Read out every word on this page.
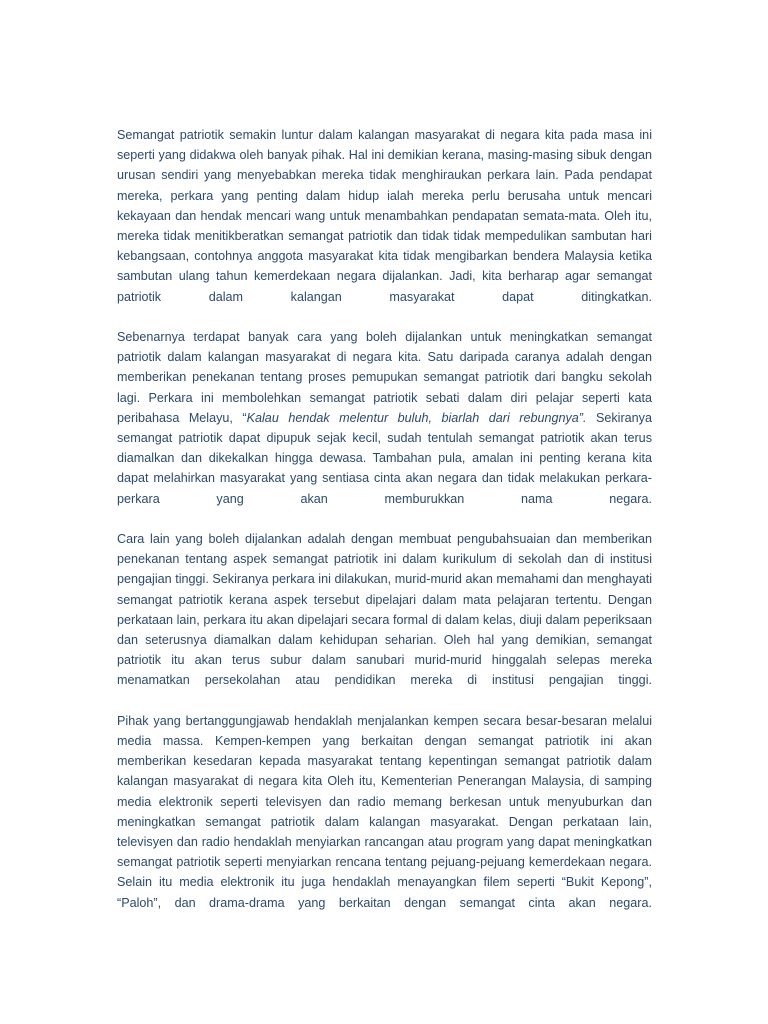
Semangat patriotik semakin luntur dalam kalangan masyarakat di negara kita pada masa ini seperti yang didakwa oleh banyak pihak. Hal ini demikian kerana, masing-masing sibuk dengan urusan sendiri yang menyebabkan mereka tidak menghiraukan perkara lain. Pada pendapat mereka, perkara yang penting dalam hidup ialah mereka perlu berusaha untuk mencari kekayaan dan hendak mencari wang untuk menambahkan pendapatan semata-mata. Oleh itu, mereka tidak menitikberatkan semangat patriotik dan tidak tidak mempedulikan sambutan hari kebangsaan, contohnya anggota masyarakat kita tidak mengibarkan bendera Malaysia ketika sambutan ulang tahun kemerdekaan negara dijalankan. Jadi, kita berharap agar semangat patriotik dalam kalangan masyarakat dapat ditingkatkan.

Sebenarnya terdapat banyak cara yang boleh dijalankan untuk meningkatkan semangat patriotik dalam kalangan masyarakat di negara kita. Satu daripada caranya adalah dengan memberikan penekanan tentang proses pemupukan semangat patriotik dari bangku sekolah lagi. Perkara ini membolehkan semangat patriotik sebati dalam diri pelajar seperti kata peribahasa Melayu, “Kalau hendak melentur buluh, biarlah dari rebungnya”. Sekiranya semangat patriotik dapat dipupuk sejak kecil, sudah tentulah semangat patriotik akan terus diamalkan dan dikekalkan hingga dewasa. Tambahan pula, amalan ini penting kerana kita dapat melahirkan masyarakat yang sentiasa cinta akan negara dan tidak melakukan perkara-perkara yang akan memburukkan nama negara.

Cara lain yang boleh dijalankan adalah dengan membuat pengubahsuaian dan memberikan penekanan tentang aspek semangat patriotik ini dalam kurikulum di sekolah dan di institusi pengajian tinggi. Sekiranya perkara ini dilakukan, murid-murid akan memahami dan menghayati semangat patriotik kerana aspek tersebut dipelajari dalam mata pelajaran tertentu. Dengan perkataan lain, perkara itu akan dipelajari secara formal di dalam kelas, diuji dalam peperiksaan dan seterusnya diamalkan dalam kehidupan seharian. Oleh hal yang demikian, semangat patriotik itu akan terus subur dalam sanubari murid-murid hinggalah selepas mereka menamatkan persekolahan atau pendidikan mereka di institusi pengajian tinggi.

Pihak yang bertanggungjawab hendaklah menjalankan kempen secara besar-besaran melalui media massa. Kempen-kempen yang berkaitan dengan semangat patriotik ini akan memberikan kesedaran kepada masyarakat tentang kepentingan semangat patriotik dalam kalangan masyarakat di negara kita Oleh itu, Kementerian Penerangan Malaysia, di samping media elektronik seperti televisyen dan radio memang berkesan untuk menyuburkan dan meningkatkan semangat patriotik dalam kalangan masyarakat. Dengan perkataan lain, televisyen dan radio hendaklah menyiarkan rancangan atau program yang dapat meningkatkan semangat patriotik seperti menyiarkan rencana tentang pejuang-pejuang kemerdekaan negara. Selain itu media elektronik itu juga hendaklah menayangkan filem seperti “Bukit Kepong”, “Paloh”, dan drama-drama yang berkaitan dengan semangat cinta akan negara.
